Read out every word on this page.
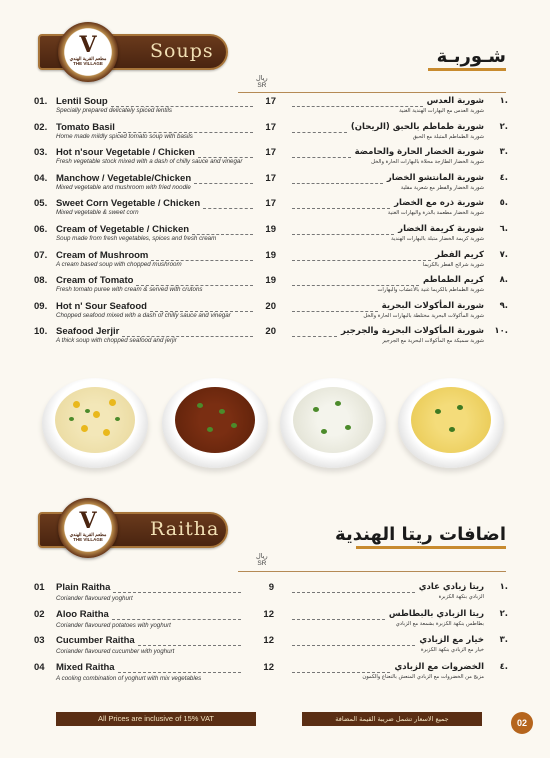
Soups
V
مطعم القرية الهندي
THE VILLAGE	شـوربـة
ريال
SR
01. Lentil Soup
Specially prepared delicately spiced lentils
17	شوربة العدس
شوربة العدس مع البهارات الهندية الغنية
١.
02. Tomato Basil
Home made mildly spiced tomato soup with basils
17	شوربة طماطم بالحبق (الريحان)
شوربة الطماطم المتبلة مع الحبق
٢.
03. Hot n'sour Vegetable / Chicken
Fresh vegetable stock mixed with a dash of chilly sauce and vinegar
17	شوربة الخضار الحارة والحامضة
شوربة الخضار الطازجة محلاة بالبهارات الحارة والخل
٣.
04. Manchow / Vegetable/Chicken
Mixed vegetable and mushroom with fried noodle
17	شوربة المانتشو الخضار
شوربة الخضار والفطر مع شعرية مقلية
٤.
05. Sweet Corn Vegetable / Chicken
Mixed vegetable & sweet corn
17	شوربة ذره مع الخضار
شوربة الخضار مطعمة بالذرة والبهارات الغنية
٥.
06. Cream of Vegetable / Chicken
Soup made from fresh vegetables, spices and fresh cream
19	شوربة كريمة الخضار
شوربة كريمة الخضار متبلة بالبهارات الهندية
٦.
07. Cream of Mushroom
A cream based soup with chopped mushroom
19	كريم الفطر
شوربة شرائح الفطر بالكريما
٧.
08. Cream of Tomato
Fresh tomato puree with cream & served with crutons
19	كريم الطماطم
شوربة الطماطم بالكريما غنية بالأعشاب والبهارات
٨.
09. Hot n' Sour Seafood
Chopped seafood mixed with a dash of chilly sauce and vinegar
20	شوربة المأكولات البحرية
شوربة المأكولات البحرية مختلطة بالبهارات الحارة والخل
٩.
10. Seafood Jerjir
A thick soup with chopped seafood and jerjir
20	شوربة المأكولات البحرية والجرجير
شوربة سميكة مع المأكولات البحرية مع الجرجير
١٠.
Raitha
V
مطعم القرية الهندي
THE VILLAGE	اضافات ريتا الهندية
ريال
SR
01 Plain Raitha
Coriander flavoured yoghurt
9	ريتا زبادي عادي
الزبادي بنكهة الكزبرة
١.
02 Aloo Raitha
Coriander flavoured potatoes with yoghurt
12	ريتا الزبادي بالبطاطس
بطاطس بنكهة الكزبرة بشمعة مع الزبادي
٢.
03 Cucumber Raitha
Coriander flavoured cucumber with yoghurt
12	خيار مع الزبادي
خيار مع الزبادي بنكهة الكزبرة
٣.
04 Mixed Raitha
A cooling combination of yoghurt with mix vegetables
12	الخضروات مع الزبادي
مزيج من الخضروات مع الزبادي المنعش بالنعناع والكمون
٤.
All Prices are inclusive of 15% VAT	جميع الاسعار تشمل ضريبة القيمة المضافة	02
